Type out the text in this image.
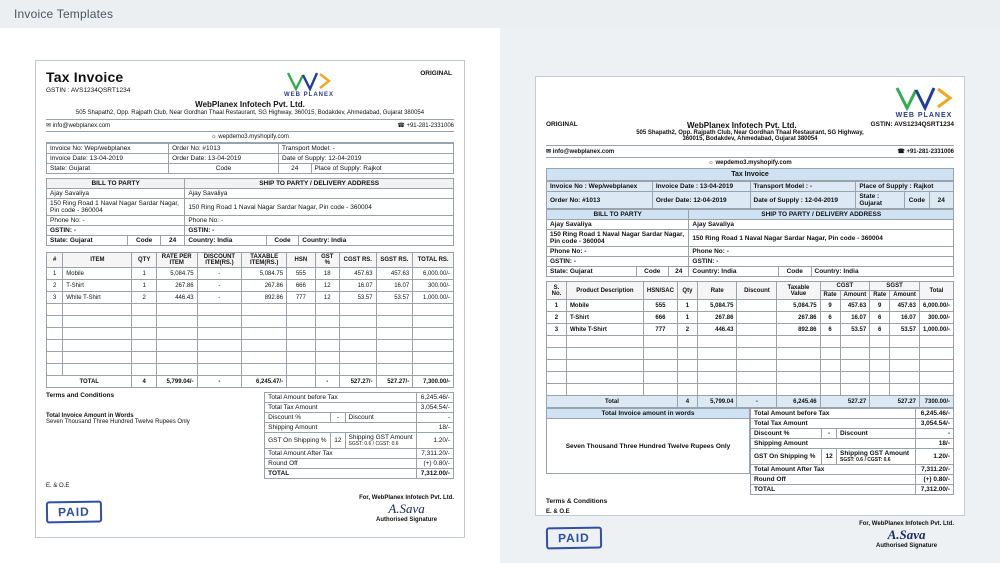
Invoice Templates
ORIGINAL
Tax Invoice
GSTIN : AVS1234QSRT1234
WEB PLANEX
WebPlanex Infotech Pvt. Ltd.
505 Shapath2, Opp. Rajpath Club, Near Gordhan Thaal Restaurant, SG Highway, 360015, Bodakdev, Ahmedabad, Gujarat 380054
✉ info@webplanex.com	☎ +91-281-2331006
☼ wepdemo3.myshopify.com
Invoice No: Wep/webplanex	Order No: #1013	Transport Model: -	
Invoice Date: 13-04-2019	Order Date: 13-04-2019	Date of Supply: 12-04-2019	
State: Gujarat	Code	24	Place of Supply: Rajkot
BILL TO PARTY			SHIP TO PARTY / DELIVERY ADDRESS		
Ajay Savaliya			Ajay Savaliya		
150 Ring Road 1 Naval Nagar Sardar Nagar, Pin code - 360004			150 Ring Road 1 Naval Nagar Sardar Nagar, Pin code - 360004		
Phone No: -			Phone No: -		
GSTIN: -			GSTIN: -		
State: Gujarat	Code	24	Country: India	Code	Country: India
#	ITEM	QTY	RATE PER ITEM	DISCOUNT ITEM(RS.)	TAXABLE ITEM(RS.)	HSN	GST %	CGST RS.	SGST RS.	TOTAL RS.
1	Mobile	1	5,084.75	-	5,084.75	555	18	457.63	457.63	6,000.00/-
2	T-Shirt	1	267.86	-	267.86	666	12	16.07	16.07	300.00/-
3	White T-Shirt	2	446.43	-	892.86	777	12	53.57	53.57	1,000.00/-

TOTAL		4	5,799.04/-	-	6,245.47/-		-	527.27/-	527.27/-	7,300.00/-
Terms and Conditions
Total Invoice Amount in Words
Seven Thousand Three Hundred Twelve Rupees Only
Total Amount before Tax			6,245.46/-
Total Tax Amount			3,054.54/-
Discount %	-	Discount	-
Shipping Amount			18/-
GST On Shipping %	12	Shipping GST Amount
SGST: 0.6 / CGST: 0.6	1.20/-
Total Amount After Tax			7,311.20/-
Round Off			(+) 0.80/-
TOTAL			7,312.00/-
E. & O.E
PAID
For, WebPlanex Infotech Pvt. Ltd.
A.Sava
Authorised Signature
WEB PLANEX
ORIGINAL	WebPlanex Infotech Pvt. Ltd.	GSTIN: AVS1234QSRT1234
505 Shapath2, Opp. Rajpath Club, Near Gordhan Thaal Restaurant, SG Highway,
360015, Bodakdev, Ahmedabad, Gujarat 380054
✉ info@webplanex.com	☎ +91-281-2331006
☼ wepdemo3.myshopify.com
Tax Invoice
Invoice No : Wep/webplanex	Invoice Date : 13-04-2019	Transport Model : -	Place of Supply : Rajkot		
Order No: #1013	Order Date: 12-04-2019	Date of Supply : 12-04-2019	State : Gujarat	Code	24
BILL TO PARTY			SHIP TO PARTY / DELIVERY ADDRESS		
Ajay Savaliya			Ajay Savaliya		
150 Ring Road 1 Naval Nagar Sardar Nagar, Pin code - 360004			150 Ring Road 1 Naval Nagar Sardar Nagar, Pin code - 360004		
Phone No: -			Phone No: -		
GSTIN: -			GSTIN: -		
State: Gujarat	Code	24	Country: India	Code	Country: India
S. No.	Product Description	HSN/SAC	Qty	Rate	Discount	Taxable Value	CGST		SGST		Total
							Rate	Amount	Rate	Amount	
1	Mobile	555	1	5,084.75		5,084.75	9	457.63	9	457.63	6,000.00/-
2	T-Shirt	666	1	267.86		267.86	6	16.07	6	16.07	300.00/-
3	White T-Shirt	777	2	446.43		892.86	6	53.57	6	53.57	1,000.00/-

Total			4	5,799.04	-	6,245.46	527.27		527.27		7300.00/-
Total Invoice amount in words
Seven Thousand Three Hundred Twelve Rupees Only
Total Amount before Tax			6,245.46/-
Total Tax Amount			3,054.54/-
Discount %	-	Discount	-
Shipping Amount			18/-
GST On Shipping %	12	Shipping GST Amount
SGST: 0.6 / CGST: 0.6	1.20/-
Total Amount After Tax			7,311.20/-
Round Off			(+) 0.80/-
TOTAL			7,312.00/-
Terms & Conditions
E. & O.E
PAID
For, WebPlanex Infotech Pvt. Ltd.
A.Sava
Authorised Signature
